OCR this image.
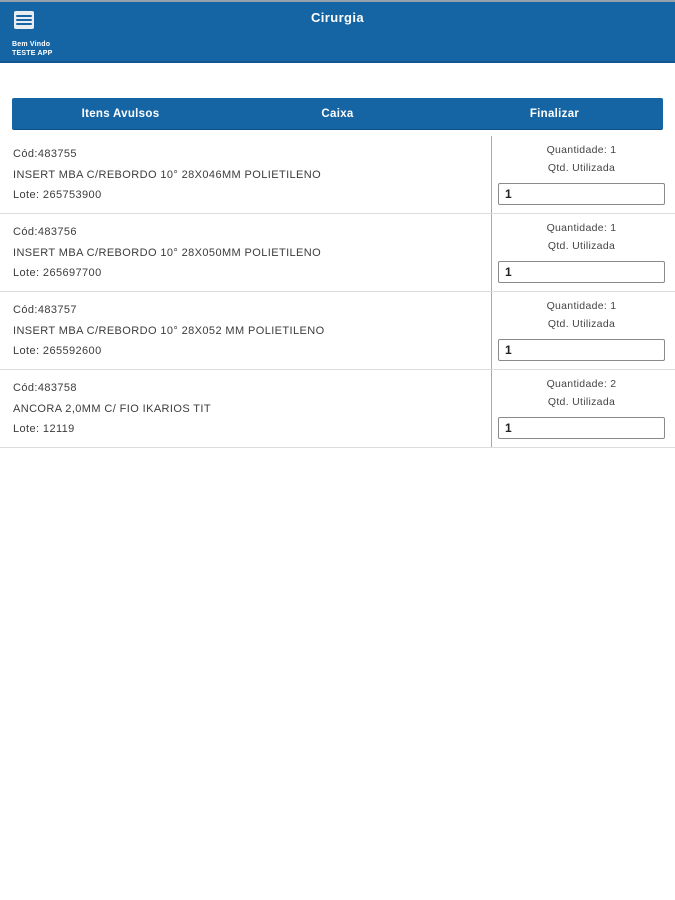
Cirurgia
Bem Vindo
TESTE APP
Itens Avulsos	Caixa	Finalizar
Cód:483755
INSERT MBA C/REBORDO 10° 28X046MM POLIETILENO
Lote: 265753900
Quantidade: 1
Qtd. Utilizada
1
Cód:483756
INSERT MBA C/REBORDO 10° 28X050MM POLIETILENO
Lote: 265697700
Quantidade: 1
Qtd. Utilizada
1
Cód:483757
INSERT MBA C/REBORDO 10° 28X052 MM POLIETILENO
Lote: 265592600
Quantidade: 1
Qtd. Utilizada
1
Cód:483758
ANCORA 2,0MM C/ FIO IKARIOS TIT
Lote: 12119
Quantidade: 2
Qtd. Utilizada
1
